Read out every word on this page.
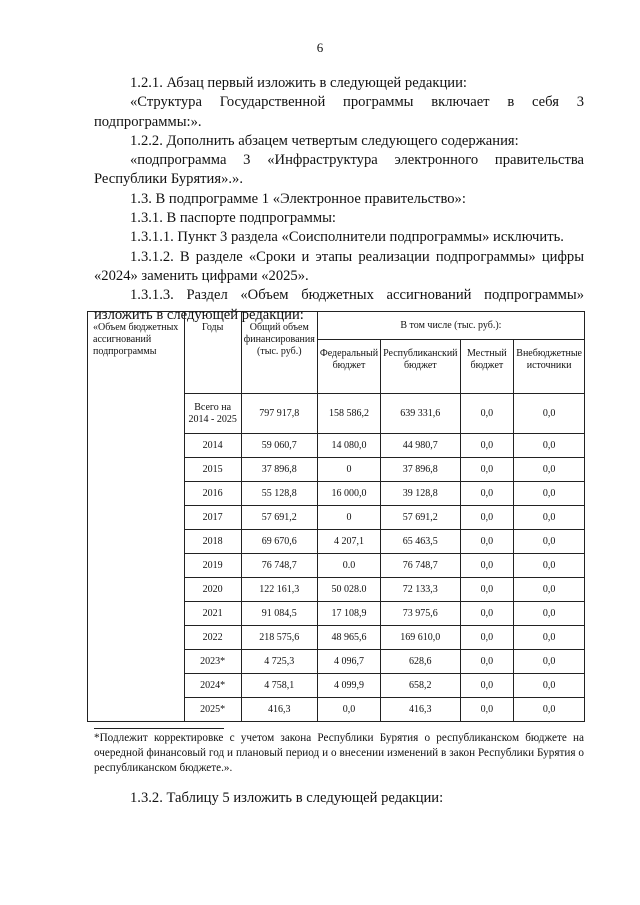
6

1.2.1. Абзац первый изложить в следующей редакции:

«Структура Государственной программы включает в себя 3 подпрограммы:».

1.2.2. Дополнить абзацем четвертым следующего содержания:

«подпрограмма 3 «Инфраструктура электронного правительства Республики Бурятия».».

1.3. В подпрограмме 1 «Электронное правительство»:

1.3.1. В паспорте подпрограммы:

1.3.1.1. Пункт 3 раздела «Соисполнители подпрограммы» исключить.

1.3.1.2. В разделе «Сроки и этапы реализации подпрограммы» цифры «2024» заменить цифрами «2025».

1.3.1.3. Раздел «Объем бюджетных ассигнований подпрограммы» изложить в следующей редакции:

«Объем бюджетных ассигнований подпрограммы	Годы	Общий объем финансирования (тыс. руб.)	В том числе (тыс. руб.):			
			Федеральный бюджет	Республиканский бюджет	Местный бюджет	Внебюджетные источники
	Всего на 2014 - 2025	797 917,8	158 586,2	639 331,6	0,0	0,0
	2014	59 060,7	14 080,0	44 980,7	0,0	0,0
	2015	37 896,8	0	37 896,8	0,0	0,0
	2016	55 128,8	16 000,0	39 128,8	0,0	0,0
	2017	57 691,2	0	57 691,2	0,0	0,0
	2018	69 670,6	4 207,1	65 463,5	0,0	0,0
	2019	76 748,7	0.0	76 748,7	0,0	0,0
	2020	122 161,3	50 028.0	72 133,3	0,0	0,0
	2021	91 084,5	17 108,9	73 975,6	0,0	0,0
	2022	218 575,6	48 965,6	169 610,0	0,0	0,0
	2023*	4 725,3	4 096,7	628,6	0,0	0,0
	2024*	4 758,1	4 099,9	658,2	0,0	0,0
	2025*	416,3	0,0	416,3	0,0	0,0

*Подлежит корректировке с учетом закона Республики Бурятия о республиканском бюджете на очередной финансовый год и плановый период и о внесении изменений в закон Республики Бурятия о республиканском бюджете.».

1.3.2. Таблицу 5 изложить в следующей редакции:
